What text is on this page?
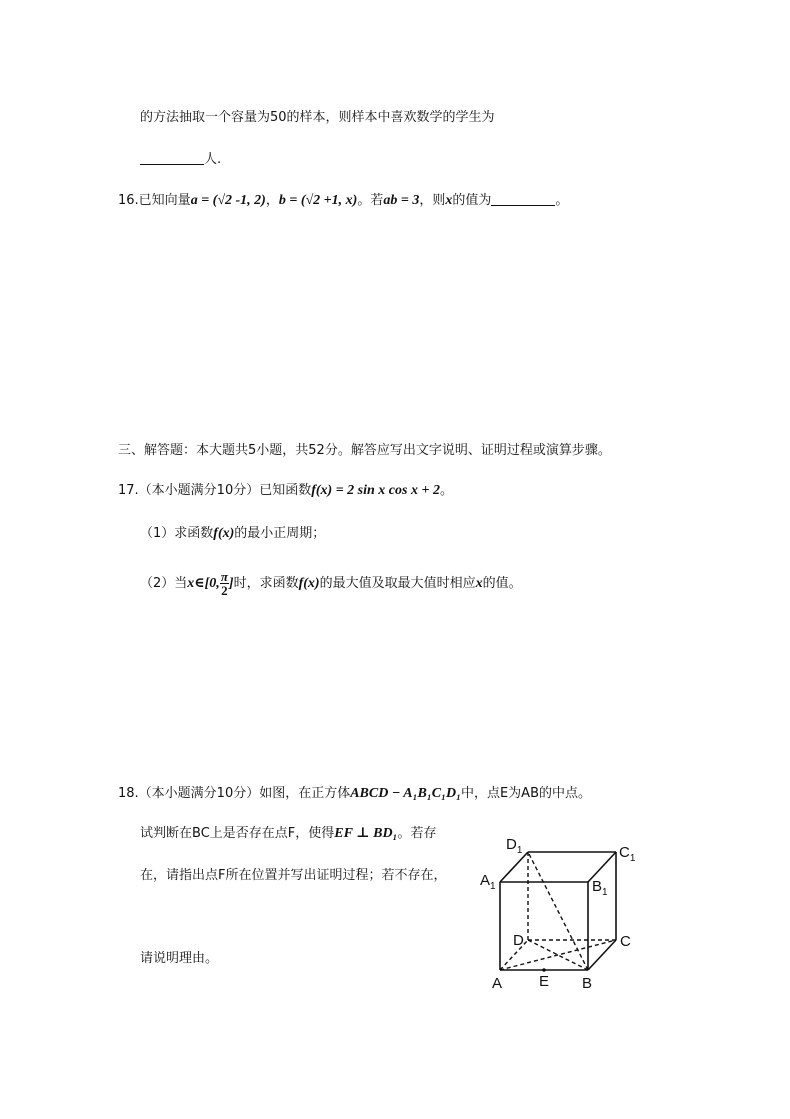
的方法抽取一个容量为50的样本，则样本中喜欢数学的学生为
人.
16.已知向量a = (√2 -1, 2)，b = (√2 +1, x)。若ab = 3，则x的值为	。
三、解答题：本大题共5小题，共52分。解答应写出文字说明、证明过程或演算步骤。
17.（本小题满分10分）已知函数f(x) = 2 sin x cos x + 2。
（1）求函数f(x)的最小正周期；
（2）当x∈[0, $\frac{\pi}{2}$ ]时，求函数f(x)的最大值及取最大值时相应x的值。
18.（本小题满分10分）如图，在正方体ABCD − A₁B₁C₁D₁中，点E为AB的中点。
试判断在BC上是否存在点F，使得EF ⊥ BD₁。若存
在，请指出点F所在位置并写出证明过程；若不存在，
请说明理由。
$D_1$	$C_1$
$A_1$	$B_1$
D	C
A E B
